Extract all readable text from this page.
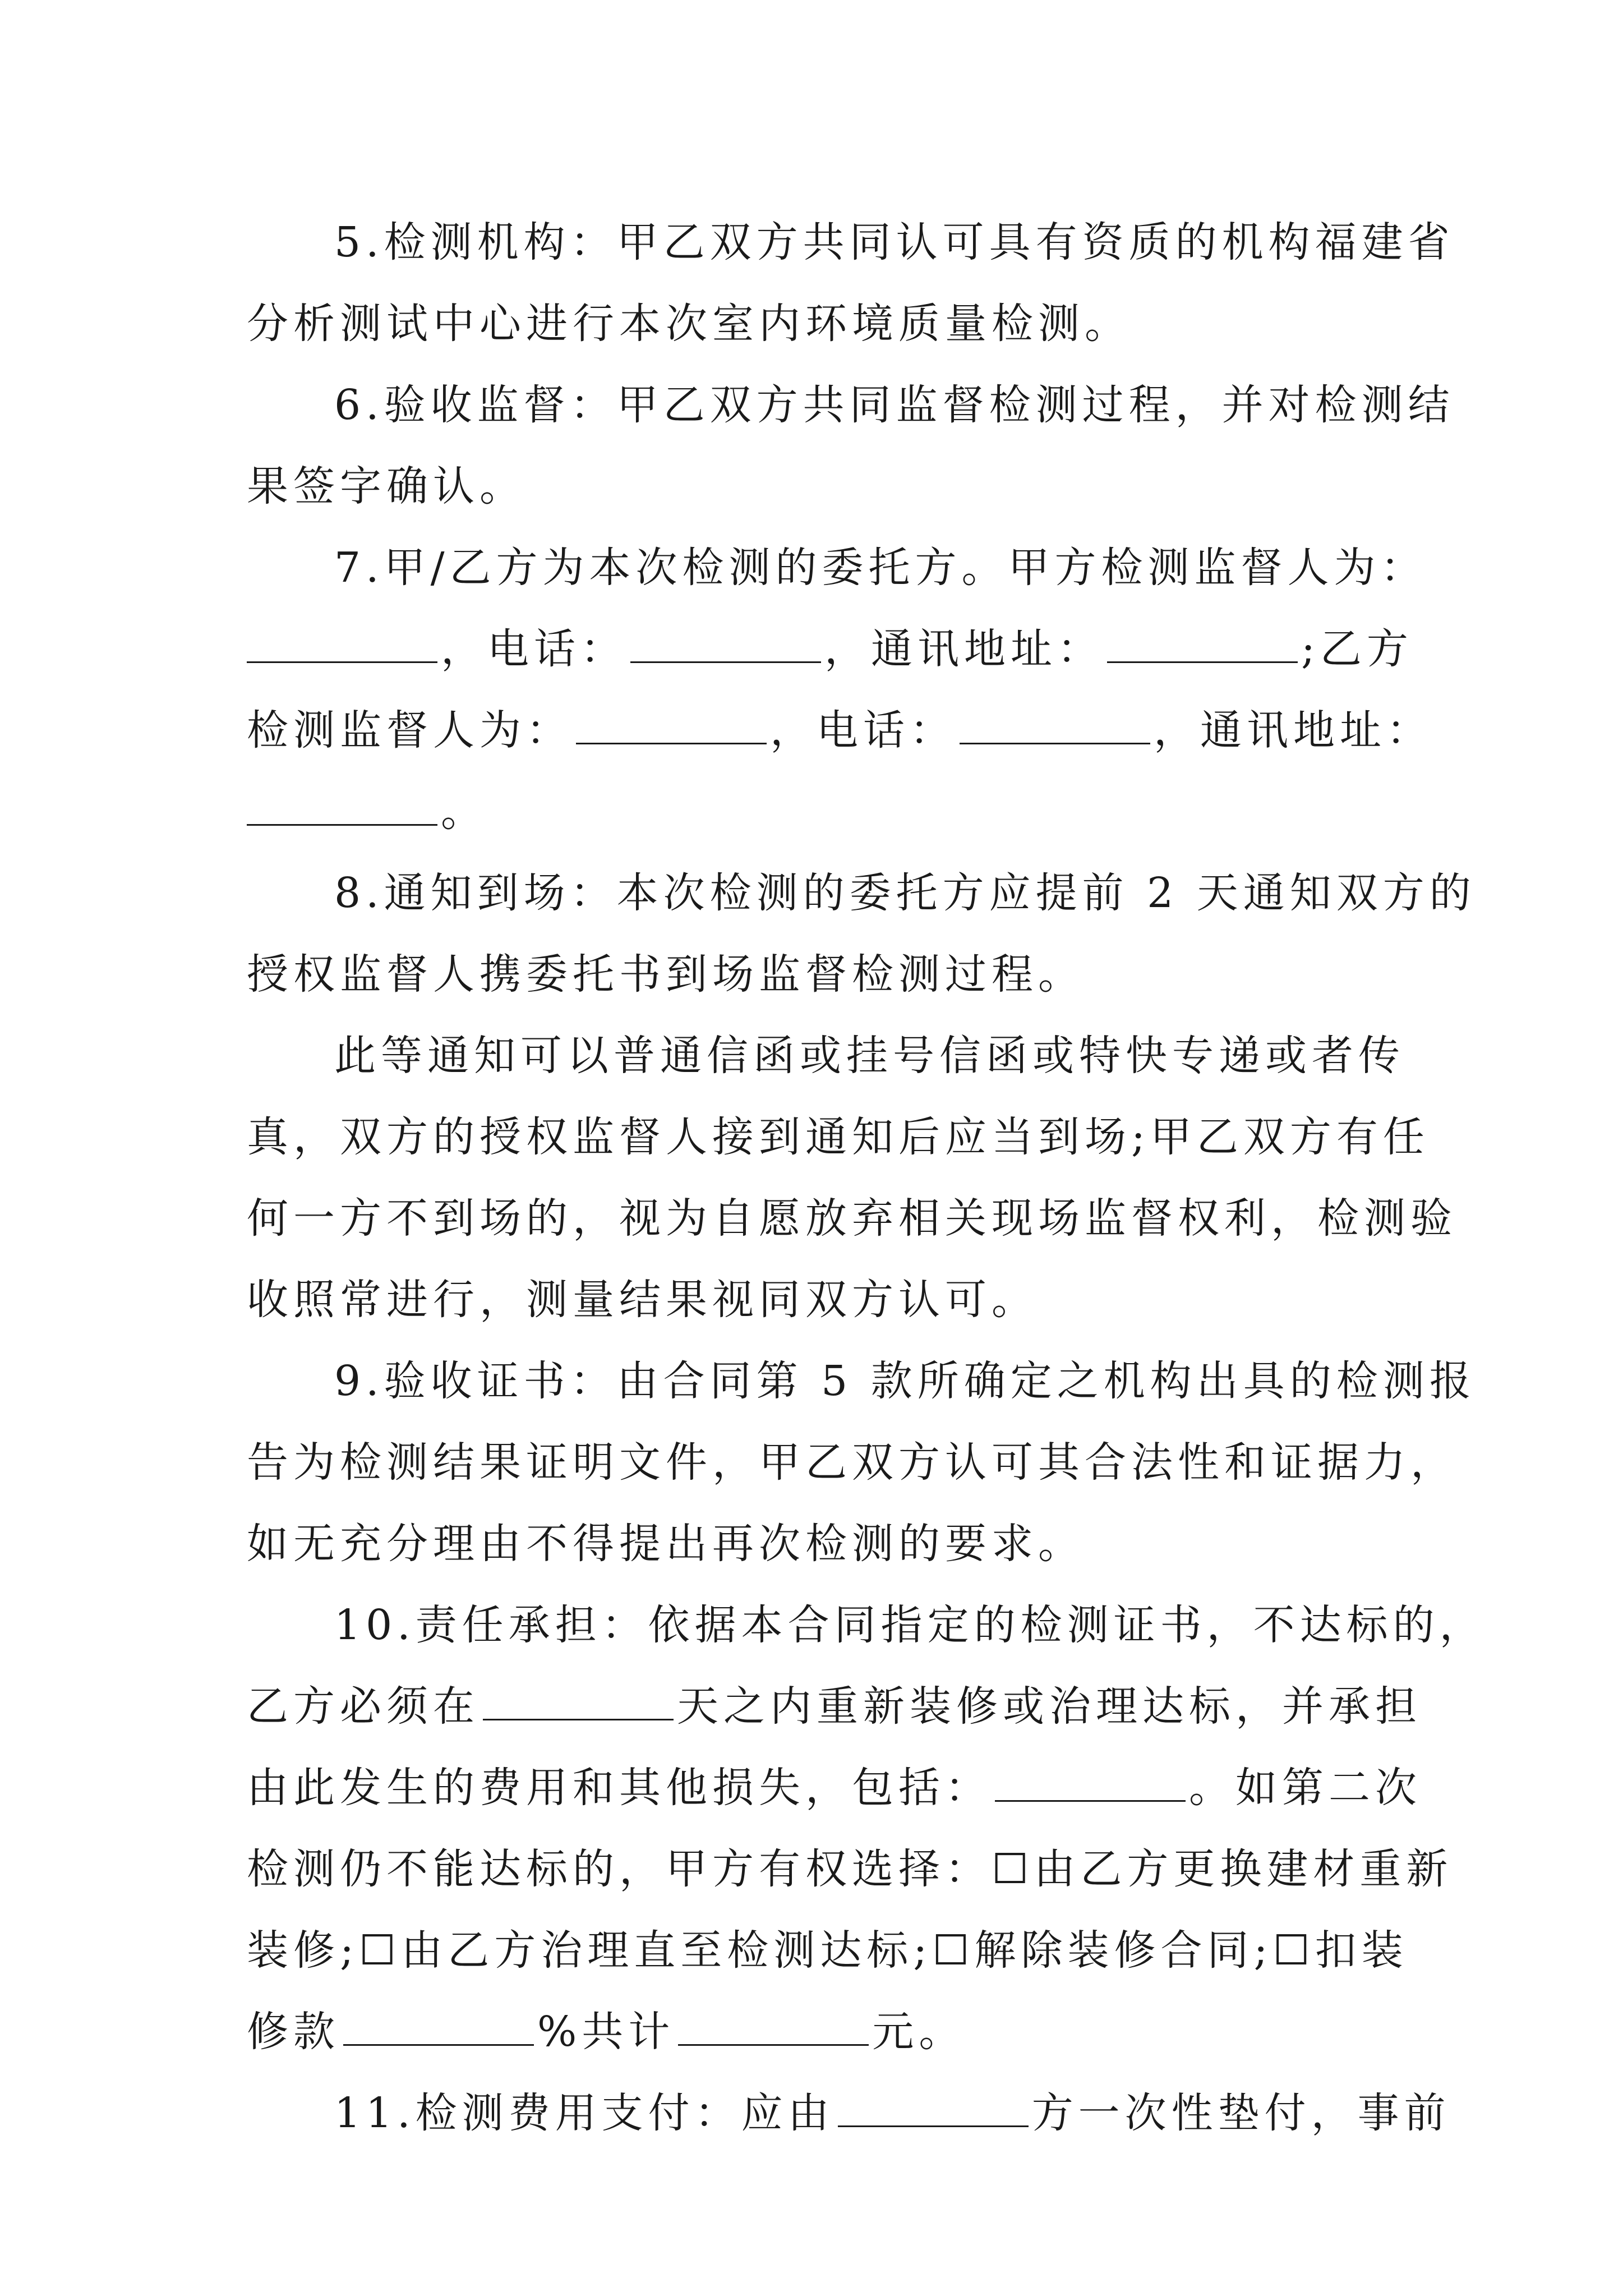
5.检测机构：甲乙双方共同认可具有资质的机构福建省
分析测试中心进行本次室内环境质量检测。

6.验收监督：甲乙双方共同监督检测过程，并对检测结
果签字确认。

7.甲/乙方为本次检测的委托方。甲方检测监督人为：
，电话：	，通讯地址：	;乙方
检测监督人为：	，电话：	，通讯地址：
。

8.通知到场：本次检测的委托方应提前 2 天通知双方的
授权监督人携委托书到场监督检测过程。

此等通知可以普通信函或挂号信函或特快专递或者传
真，双方的授权监督人接到通知后应当到场;甲乙双方有任
何一方不到场的，视为自愿放弃相关现场监督权利，检测验
收照常进行，测量结果视同双方认可。

9.验收证书：由合同第 5 款所确定之机构出具的检测报
告为检测结果证明文件，甲乙双方认可其合法性和证据力，
如无充分理由不得提出再次检测的要求。

10.责任承担：依据本合同指定的检测证书，不达标的，
乙方必须在	天之内重新装修或治理达标，并承担
由此发生的费用和其他损失，包括：	。如第二次
检测仍不能达标的，甲方有权选择：☐由乙方更换建材重新
装修;☐由乙方治理直至检测达标;☐解除装修合同;☐扣装
修款	%共计	元。

11.检测费用支付：应由	方一次性垫付，事前
